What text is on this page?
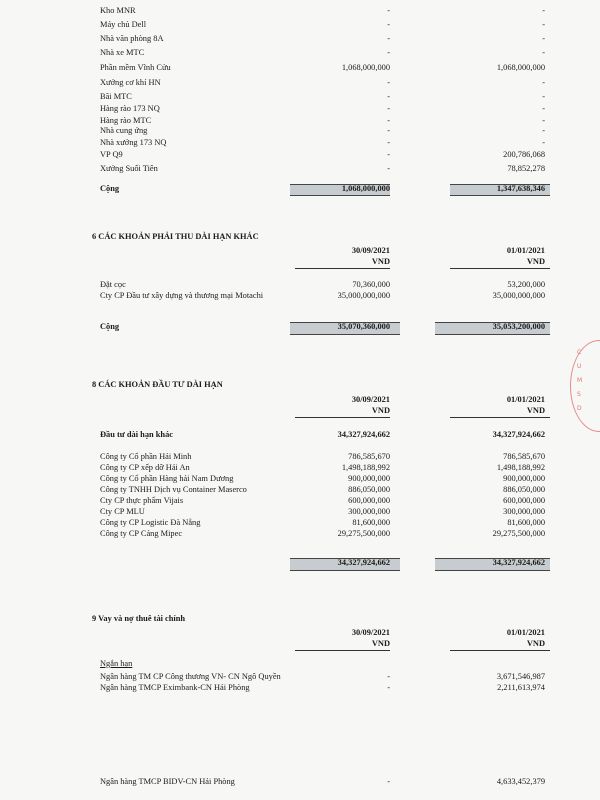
Kho MNR	-	-
Máy chủ Dell	-	-
Nhà văn phòng 8A	-	-
Nhà xe MTC	-	-
Phần mềm Vĩnh Cửu	1,068,000,000	1,068,000,000
Xưởng cơ khí HN	-	-
Bãi MTC	-	-
Hàng rào 173 NQ	-	-
Hàng rào MTC	-	-
Nhà cung ứng	-	-
Nhà xưởng 173 NQ	-	-
VP Q9	-	200,786,068
Xưởng Suối Tiên	-	78,852,278
Cộng	1,068,000,000	1,347,638,346
6 CÁC KHOẢN PHẢI THU DÀI HẠN KHÁC
30/09/2021	01/01/2021
VND	VND
Đặt cọc	70,360,000	53,200,000
Cty CP Đầu tư xây dựng và thương mại Motachi	35,000,000,000	35,000,000,000
Cộng	35,070,360,000	35,053,200,000
8 CÁC KHOẢN ĐẦU TƯ DÀI HẠN
30/09/2021	01/01/2021
VND	VND
Đầu tư dài hạn khác	34,327,924,662	34,327,924,662
Công ty Cổ phần Hải Minh	786,585,670	786,585,670
Công ty CP xếp dỡ Hải An	1,498,188,992	1,498,188,992
Công ty Cổ phần Hàng hải Nam Dương	900,000,000	900,000,000
Công ty TNHH Dịch vụ Container Maserco	886,050,000	886,050,000
Cty CP thực phẩm Vijais	600,000,000	600,000,000
Cty CP MLU	300,000,000	300,000,000
Công ty CP Logistic Đà Nẵng	81,600,000	81,600,000
Công ty CP Cảng Mipec	29,275,500,000	29,275,500,000
34,327,924,662	34,327,924,662
9 Vay và nợ thuê tài chính
30/09/2021	01/01/2021
VND	VND
Ngắn hạn
Ngân hàng TM CP Công thương VN- CN Ngô Quyền	-	3,671,546,987
Ngân hàng TMCP Eximbank-CN Hải Phòng	-	2,211,613,974
Ngân hàng TMCP BIDV-CN Hải Phòng	-	4,633,452,379
C
U
M
S
D
